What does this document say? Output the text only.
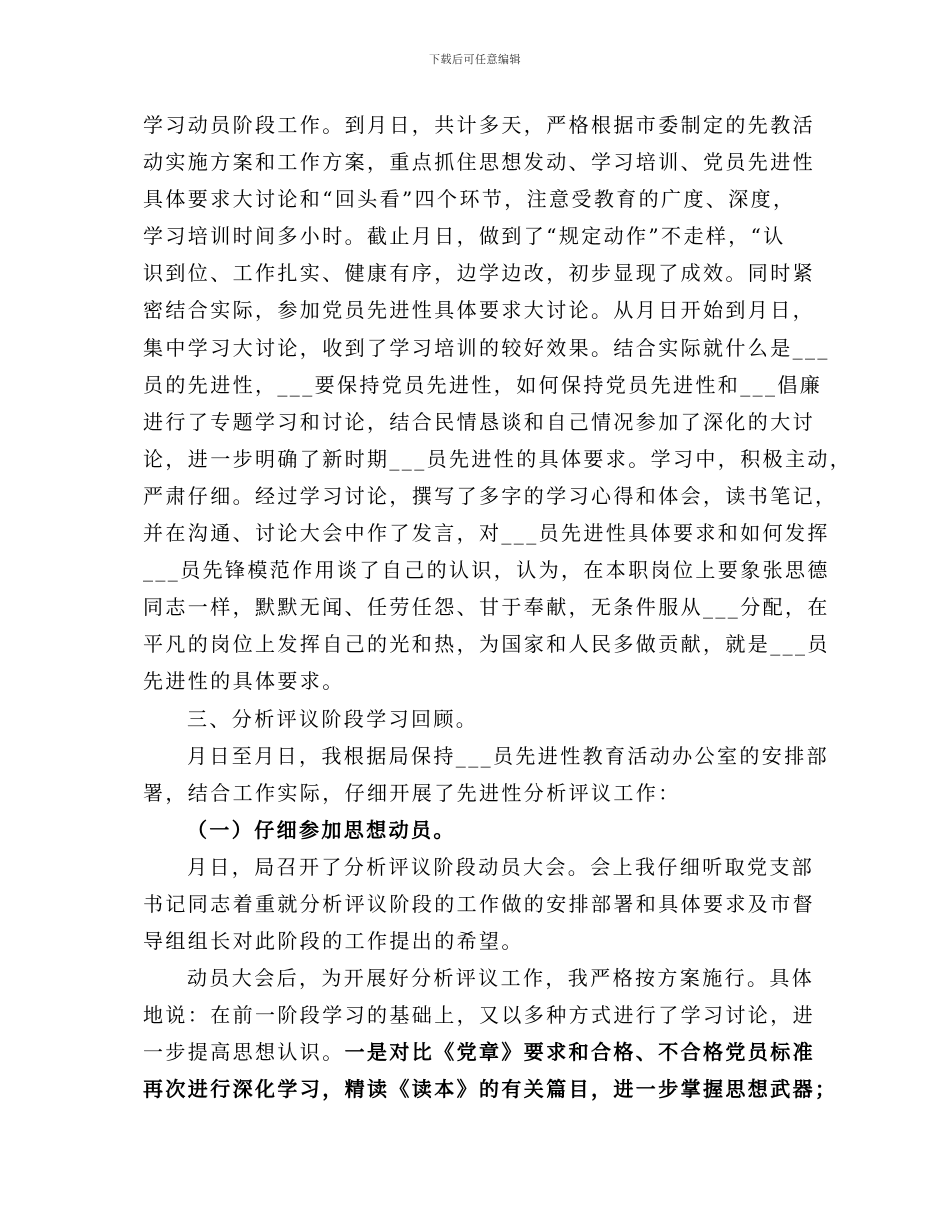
下载后可任意编辑
学习动员阶段工作。到月日，共计多天，严格根据市委制定的先教活
动实施方案和工作方案，重点抓住思想发动、学习培训、党员先进性
具体要求大讨论和“回头看”四个环节，注意受教育的广度、深度，
学习培训时间多小时。截止月日，做到了“规定动作”不走样，“认
识到位、工作扎实、健康有序，边学边改，初步显现了成效。同时紧
密结合实际，参加党员先进性具体要求大讨论。从月日开始到月日，
集中学习大讨论，收到了学习培训的较好效果。结合实际就什么是___
员的先进性，___要保持党员先进性，如何保持党员先进性和___倡廉
进行了专题学习和讨论，结合民情恳谈和自己情况参加了深化的大讨
论，进一步明确了新时期___员先进性的具体要求。学习中，积极主动，
严肃仔细。经过学习讨论，撰写了多字的学习心得和体会，读书笔记，
并在沟通、讨论大会中作了发言，对___员先进性具体要求和如何发挥
___员先锋模范作用谈了自己的认识，认为，在本职岗位上要象张思德
同志一样，默默无闻、任劳任怨、甘于奉献，无条件服从___分配，在
平凡的岗位上发挥自己的光和热，为国家和人民多做贡献，就是___员
先进性的具体要求。
三、分析评议阶段学习回顾。
月日至月日，我根据局保持___员先进性教育活动办公室的安排部
署，结合工作实际，仔细开展了先进性分析评议工作：
（一）仔细参加思想动员。
月日，局召开了分析评议阶段动员大会。会上我仔细听取党支部
书记同志着重就分析评议阶段的工作做的安排部署和具体要求及市督
导组组长对此阶段的工作提出的希望。
动员大会后，为开展好分析评议工作，我严格按方案施行。具体
地说：在前一阶段学习的基础上，又以多种方式进行了学习讨论，进
一步提高思想认识。一是对比《党章》要求和合格、不合格党员标准
再次进行深化学习，精读《读本》的有关篇目，进一步掌握思想武器；
